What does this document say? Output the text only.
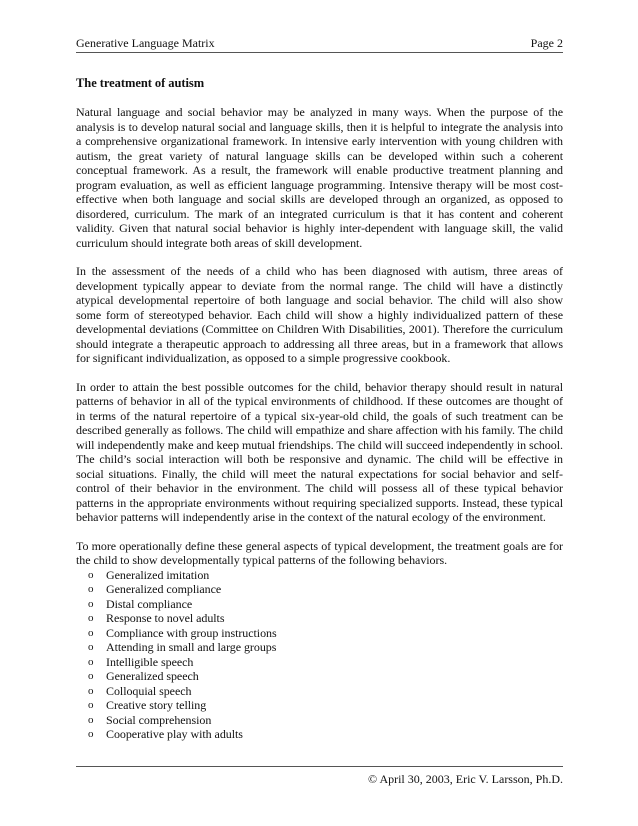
Generative Language Matrix	Page 2
The treatment of autism

Natural language and social behavior may be analyzed in many ways. When the purpose of the analysis is to develop natural social and language skills, then it is helpful to integrate the analysis into a comprehensive organizational framework. In intensive early intervention with young children with autism, the great variety of natural language skills can be developed within such a coherent conceptual framework. As a result, the framework will enable productive treatment planning and program evaluation, as well as efficient language programming. Intensive therapy will be most cost-effective when both language and social skills are developed through an organized, as opposed to disordered, curriculum. The mark of an integrated curriculum is that it has content and coherent validity. Given that natural social behavior is highly inter-dependent with language skill, the valid curriculum should integrate both areas of skill development.

In the assessment of the needs of a child who has been diagnosed with autism, three areas of development typically appear to deviate from the normal range. The child will have a distinctly atypical developmental repertoire of both language and social behavior. The child will also show some form of stereotyped behavior. Each child will show a highly individualized pattern of these developmental deviations (Committee on Children With Disabilities, 2001). Therefore the curriculum should integrate a therapeutic approach to addressing all three areas, but in a framework that allows for significant individualization, as opposed to a simple progressive cookbook.

In order to attain the best possible outcomes for the child, behavior therapy should result in natural patterns of behavior in all of the typical environments of childhood. If these outcomes are thought of in terms of the natural repertoire of a typical six-year-old child, the goals of such treatment can be described generally as follows. The child will empathize and share affection with his family. The child will independently make and keep mutual friendships. The child will succeed independently in school. The child’s social interaction will both be responsive and dynamic. The child will be effective in social situations. Finally, the child will meet the natural expectations for social behavior and self-control of their behavior in the environment. The child will possess all of these typical behavior patterns in the appropriate environments without requiring specialized supports. Instead, these typical behavior patterns will independently arise in the context of the natural ecology of the environment.

To more operationally define these general aspects of typical development, the treatment goals are for the child to show developmentally typical patterns of the following behaviors.

o Generalized imitation
o Generalized compliance
o Distal compliance
o Response to novel adults
o Compliance with group instructions
o Attending in small and large groups
o Intelligible speech
o Generalized speech
o Colloquial speech
o Creative story telling
o Social comprehension
o Cooperative play with adults
© April 30, 2003, Eric V. Larsson, Ph.D.
